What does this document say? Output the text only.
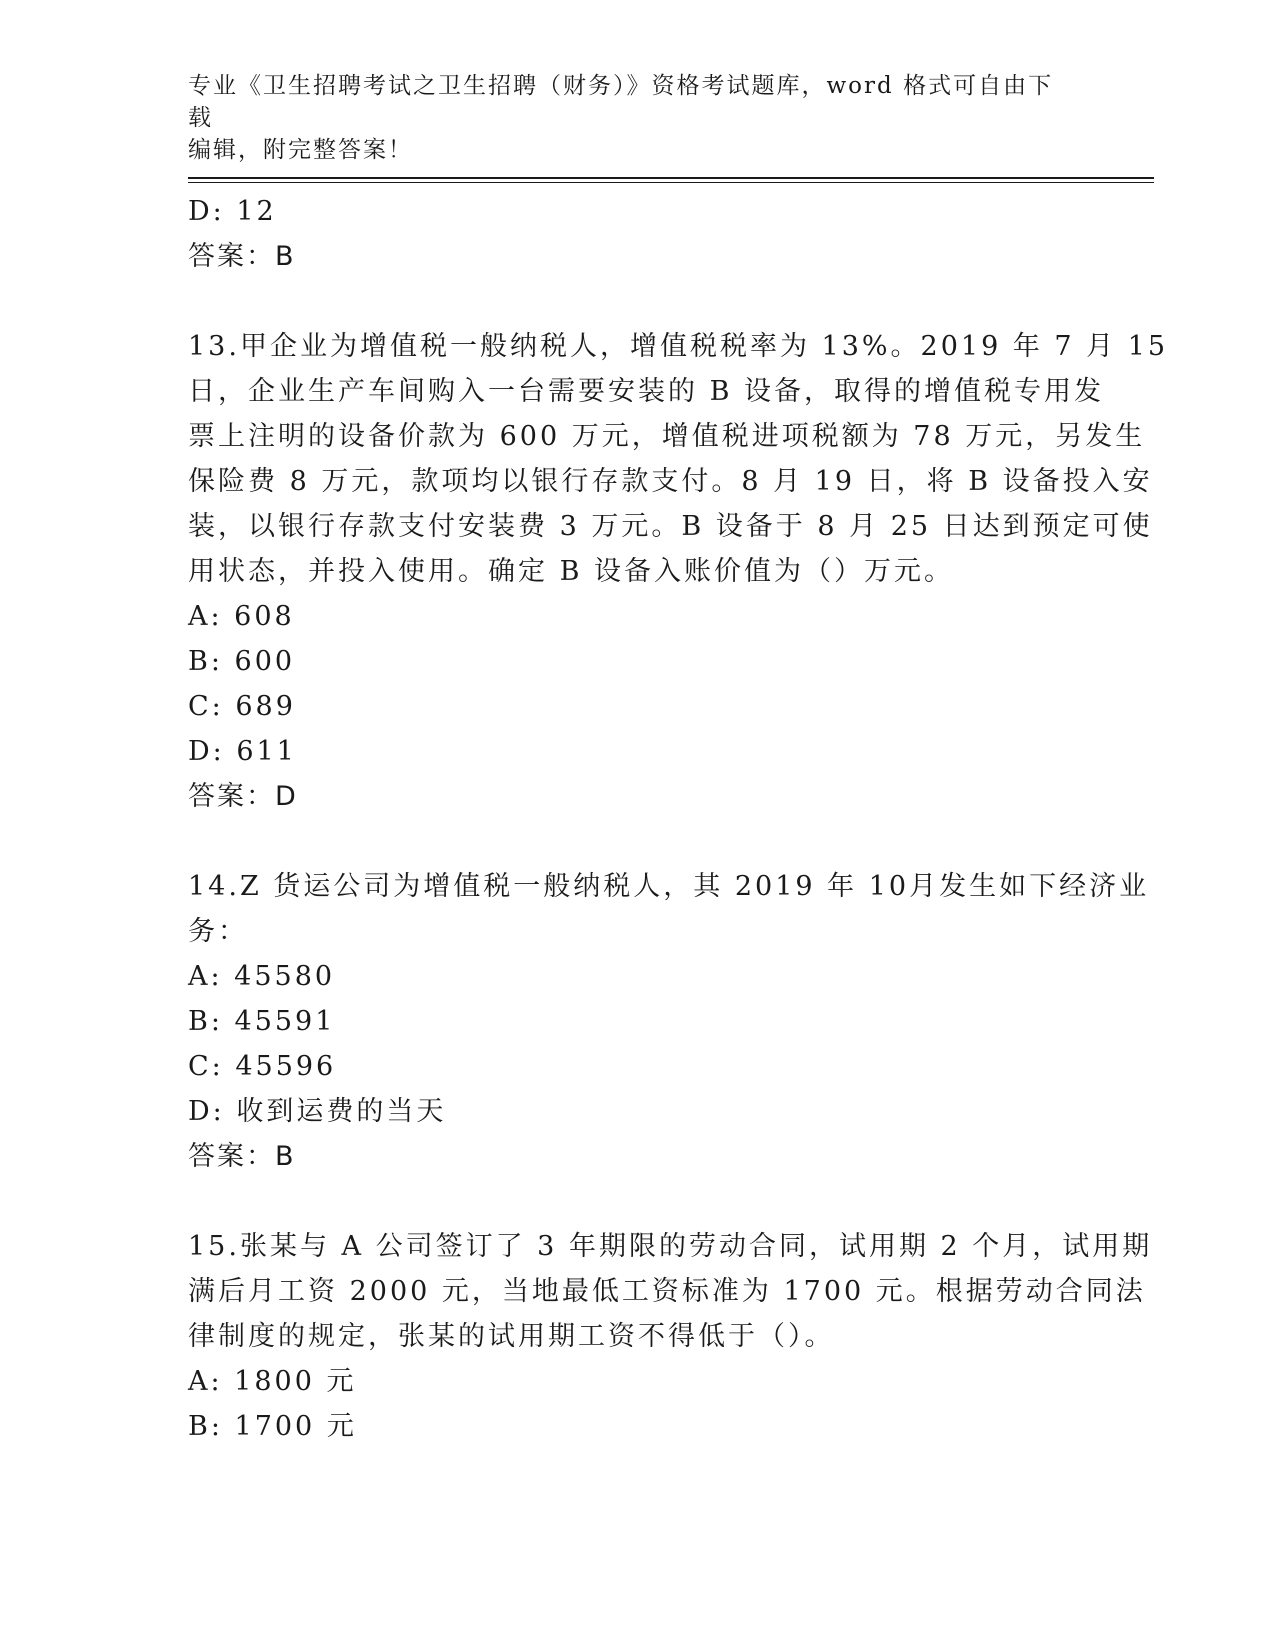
专业《卫生招聘考试之卫生招聘（财务）》资格考试题库，word 格式可自由下载
编辑，附完整答案！

D: 12

答案：B

13.甲企业为增值税一般纳税人，增值税税率为 13%。2019 年 7 月 15

日，企业生产车间购入一台需要安装的 B 设备，取得的增值税专用发

票上注明的设备价款为 600 万元，增值税进项税额为 78 万元，另发生

保险费 8 万元，款项均以银行存款支付。8 月 19 日，将 B 设备投入安

装，以银行存款支付安装费 3 万元。B 设备于 8 月 25 日达到预定可使

用状态，并投入使用。确定 B 设备入账价值为（）万元。

A: 608

B: 600

C: 689

D: 611

答案：D

14.Z 货运公司为增值税一般纳税人，其 2019 年 10月发生如下经济业

务：

A: 45580

B: 45591

C: 45596

D: 收到运费的当天

答案：B

15.张某与 A 公司签订了 3 年期限的劳动合同，试用期 2 个月，试用期

满后月工资 2000 元，当地最低工资标准为 1700 元。根据劳动合同法

律制度的规定，张某的试用期工资不得低于（）。

A: 1800 元

B: 1700 元
